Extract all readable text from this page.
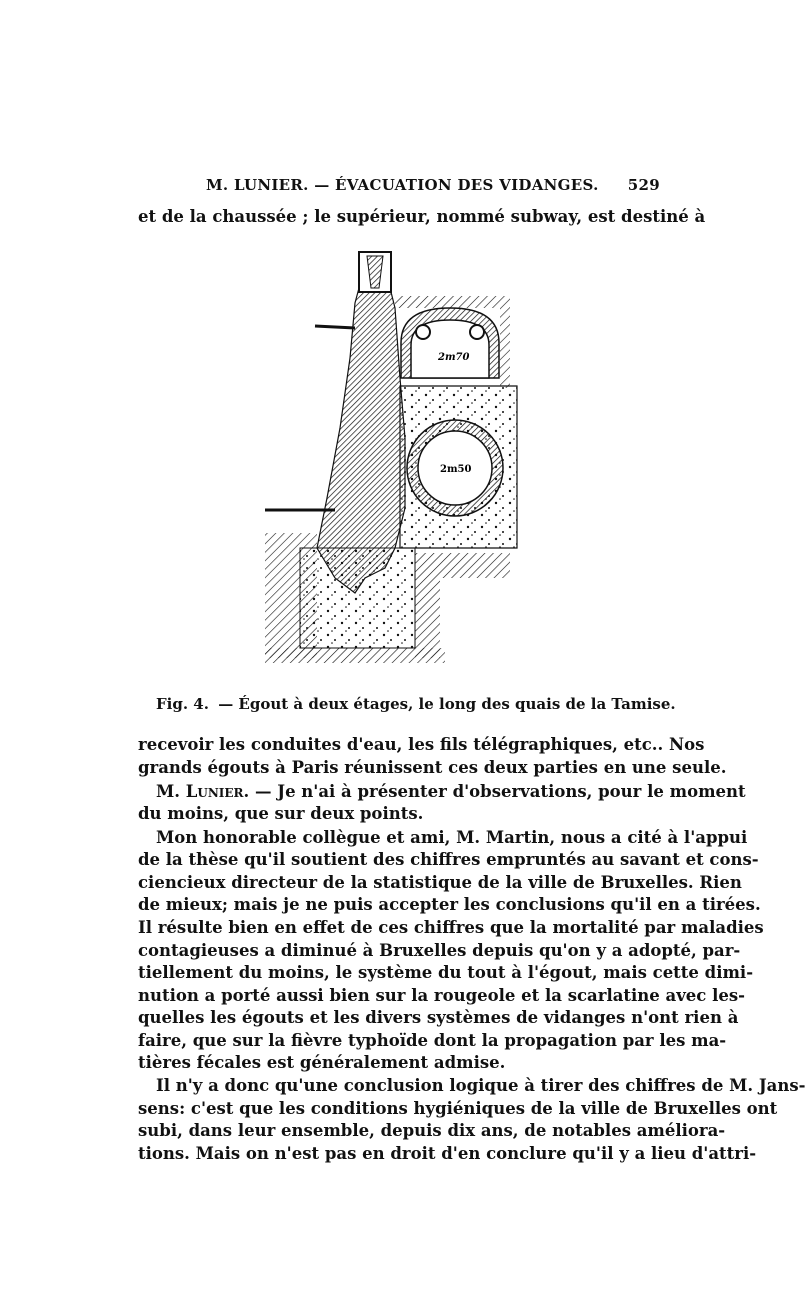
M. LUNIER. — ÉVACUATION DES VIDANGES. 529
et de la chaussée ; le supérieur, nommé subway, est destiné à
2m70
2m50
Fig. 4. — Égout à deux étages, le long des quais de la Tamise.
recevoir les conduites d'eau, les fils télégraphiques, etc.. Nos
grands égouts à Paris réunissent ces deux parties en une seule.
M. Lunier. — Je n'ai à présenter d'observations, pour le moment
du moins, que sur deux points.
Mon honorable collègue et ami, M. Martin, nous a cité à l'appui
de la thèse qu'il soutient des chiffres empruntés au savant et cons-
ciencieux directeur de la statistique de la ville de Bruxelles. Rien
de mieux; mais je ne puis accepter les conclusions qu'il en a tirées.
Il résulte bien en effet de ces chiffres que la mortalité par maladies
contagieuses a diminué à Bruxelles depuis qu'on y a adopté, par-
tiellement du moins, le système du tout à l'égout, mais cette dimi-
nution a porté aussi bien sur la rougeole et la scarlatine avec les-
quelles les égouts et les divers systèmes de vidanges n'ont rien à
faire, que sur la fièvre typhoïde dont la propagation par les ma-
tières fécales est généralement admise.
Il n'y a donc qu'une conclusion logique à tirer des chiffres de M. Jans-
sens: c'est que les conditions hygiéniques de la ville de Bruxelles ont
subi, dans leur ensemble, depuis dix ans, de notables améliora-
tions. Mais on n'est pas en droit d'en conclure qu'il y a lieu d'attri-
